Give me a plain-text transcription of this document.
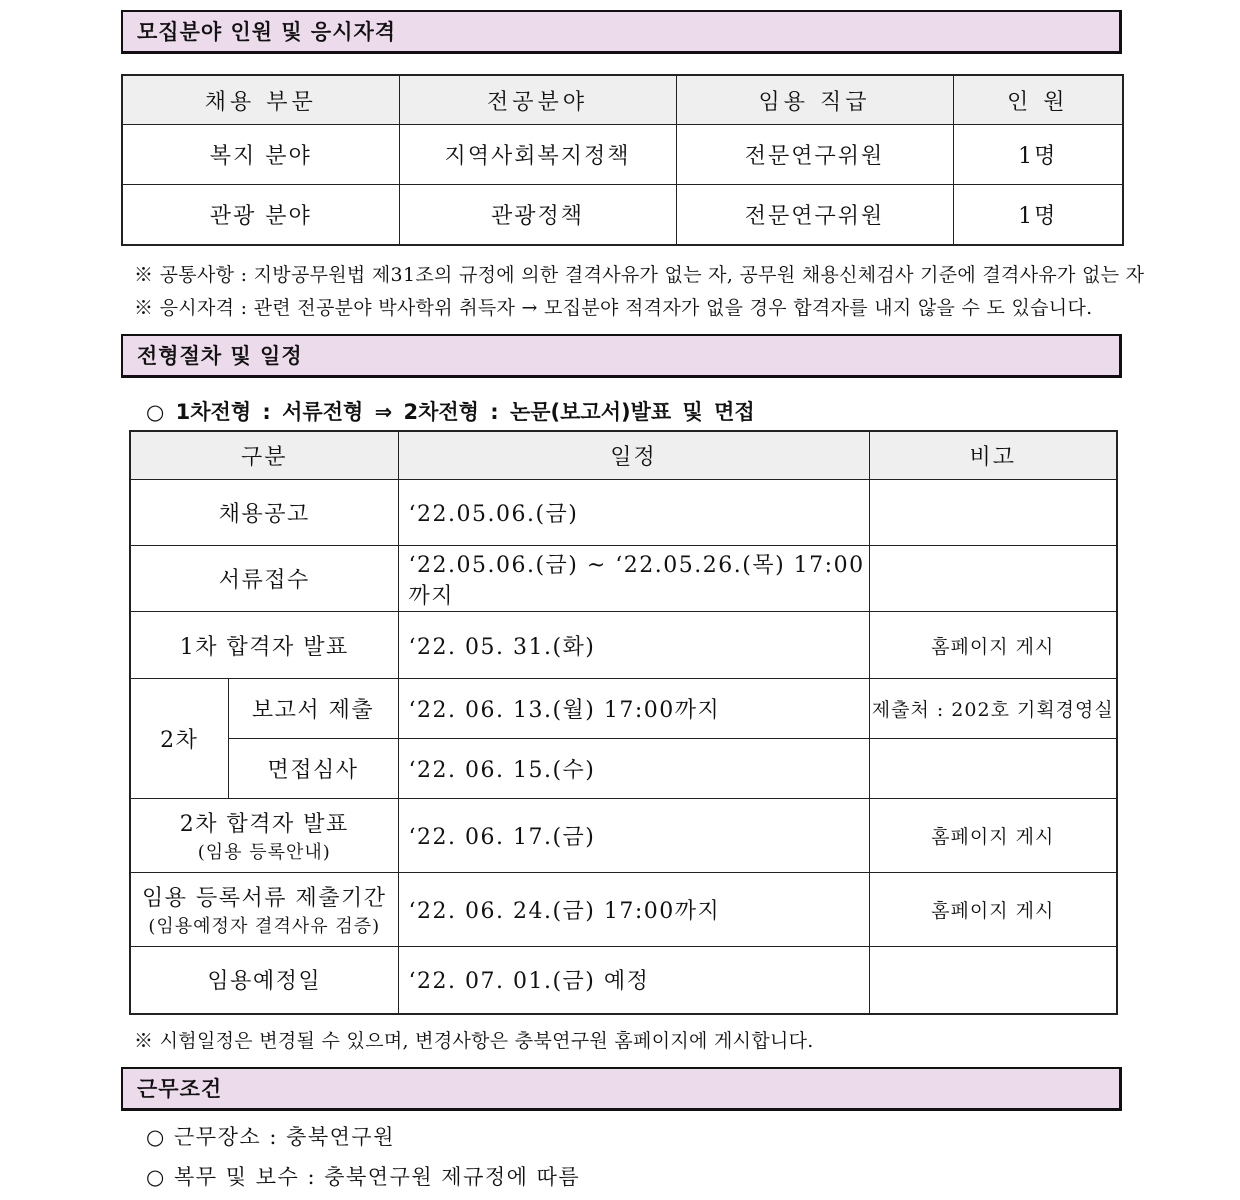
모집분야 인원 및 응시자격
채용 부문	전공분야	임용 직급	인 원
복지 분야	지역사회복지정책	전문연구위원	1명
관광 분야	관광정책	전문연구위원	1명
※ 공통사항 : 지방공무원법 제31조의 규정에 의한 결격사유가 없는 자, 공무원 채용신체검사 기준에 결격사유가 없는 자
※ 응시자격 : 관련 전공분야 박사학위 취득자 → 모집분야 적격자가 없을 경우 합격자를 내지 않을 수 도 있습니다.
전형절차 및 일정
○ 1차전형 : 서류전형 ⇒ 2차전형 : 논문(보고서)발표 및 면접
구분		일정	비고
채용공고		‘22.05.06.(금)	
서류접수		‘22.05.06.(금) ~ ‘22.05.26.(목) 17:00까지	
1차 합격자 발표		‘22. 05. 31.(화)	홈페이지 게시
2차	보고서 제출	‘22. 06. 13.(월) 17:00까지	제출처 : 202호 기획경영실
	면접심사	‘22. 06. 15.(수)	
2차 합격자 발표
(임용 등록안내)		‘22. 06. 17.(금)	홈페이지 게시
임용 등록서류 제출기간
(임용예정자 결격사유 검증)		‘22. 06. 24.(금) 17:00까지	홈페이지 게시
임용예정일		‘22. 07. 01.(금) 예정	
※ 시험일정은 변경될 수 있으며, 변경사항은 충북연구원 홈페이지에 게시합니다.
근무조건
○ 근무장소 : 충북연구원
○ 복무 및 보수 : 충북연구원 제규정에 따름
